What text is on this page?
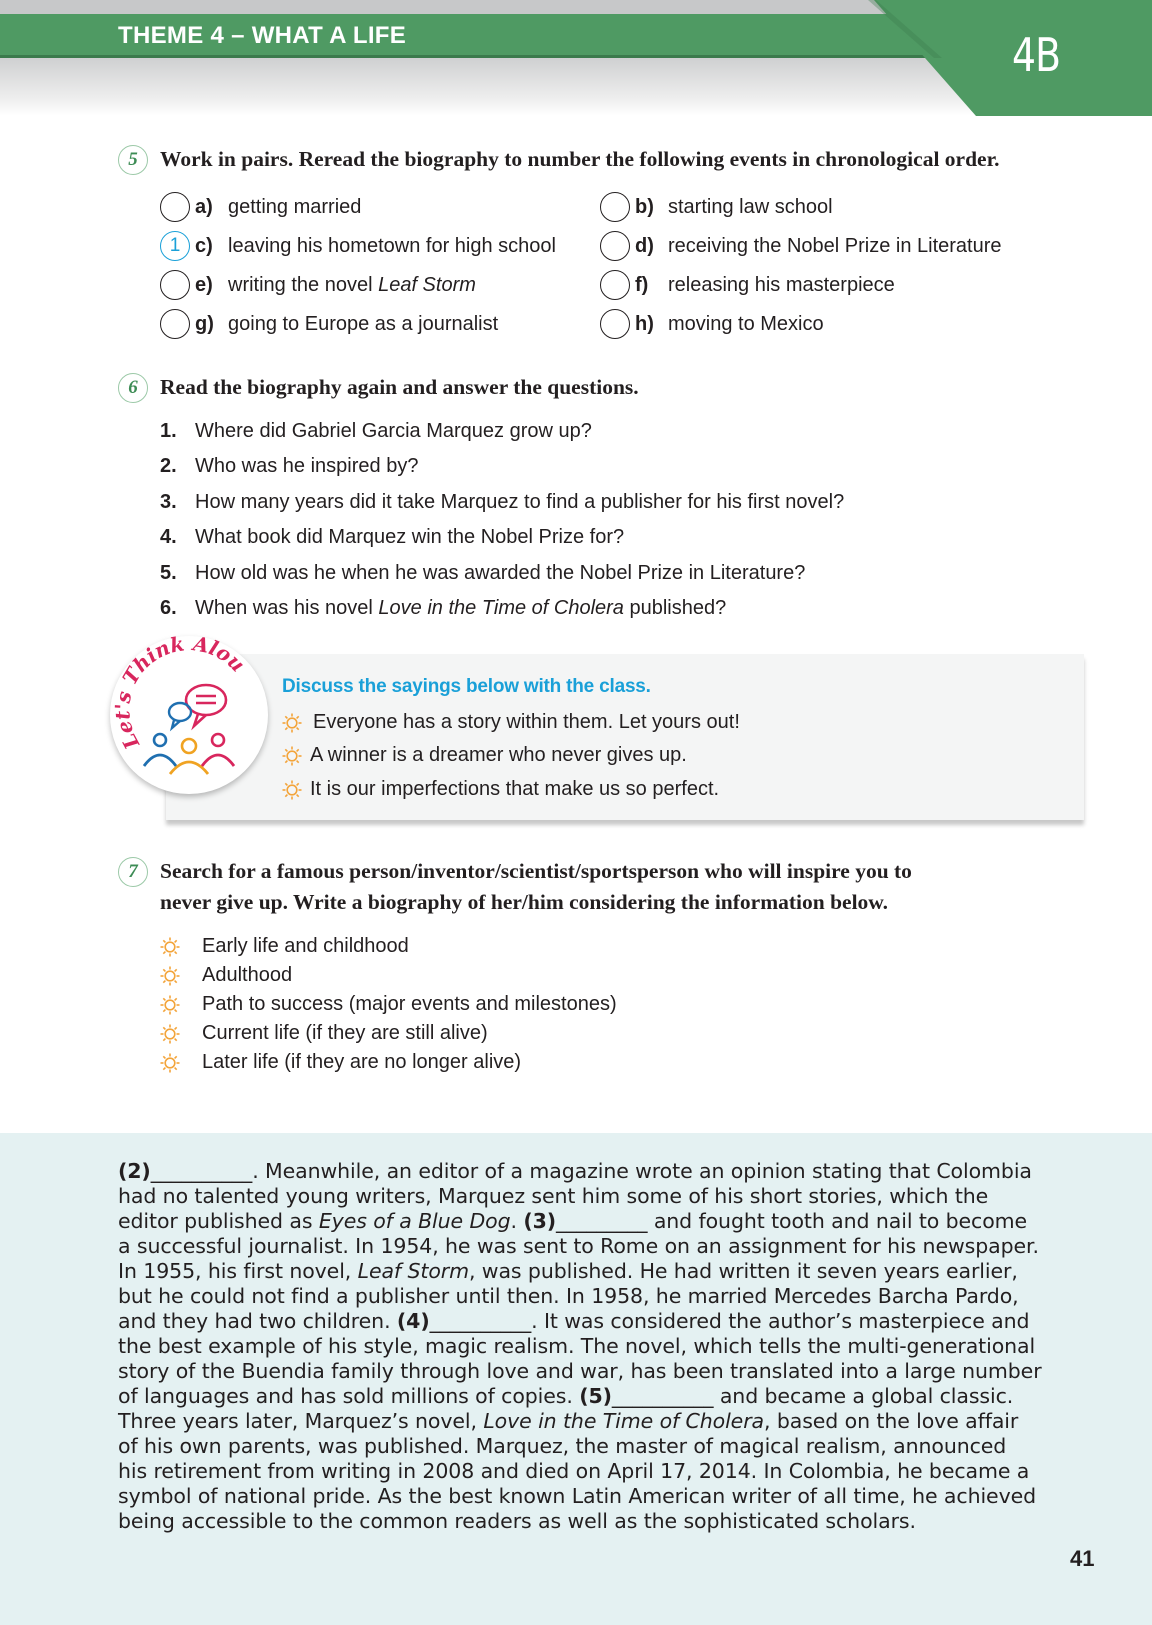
THEME 4 – WHAT A LIFE	4B
5	Work in pairs. Reread the biography to number the following events in chronological order.
a) getting married	b) starting law school
1 c) leaving his hometown for high school	d) receiving the Nobel Prize in Literature
e) writing the novel Leaf Storm	f) releasing his masterpiece
g) going to Europe as a journalist	h) moving to Mexico
6	Read the biography again and answer the questions.
1. Where did Gabriel Garcia Marquez grow up?
2. Who was he inspired by?
3. How many years did it take Marquez to find a publisher for his first novel?
4. What book did Marquez win the Nobel Prize for?
5. How old was he when he was awarded the Nobel Prize in Literature?
6. When was his novel Love in the Time of Cholera published?
Let's Think Alou
Discuss the sayings below with the class.
Everyone has a story within them. Let yours out!
A winner is a dreamer who never gives up.
It is our imperfections that make us so perfect.
7	Search for a famous person/inventor/scientist/sportsperson who will inspire you to
never give up. Write a biography of her/him considering the information below.
Early life and childhood
Adulthood
Path to success (major events and milestones)
Current life (if they are still alive)
Later life (if they are no longer alive)
(2)__________. Meanwhile, an editor of a magazine wrote an opinion stating that Colombia
had no talented young writers, Marquez sent him some of his short stories, which the
editor published as Eyes of a Blue Dog. (3)_________ and fought tooth and nail to become
a successful journalist. In 1954, he was sent to Rome on an assignment for his newspaper.
In 1955, his first novel, Leaf Storm, was published. He had written it seven years earlier,
but he could not find a publisher until then. In 1958, he married Mercedes Barcha Pardo,
and they had two children. (4)__________. It was considered the author’s masterpiece and
the best example of his style, magic realism. The novel, which tells the multi-generational
story of the Buendia family through love and war, has been translated into a large number
of languages and has sold millions of copies. (5)__________ and became a global classic.
Three years later, Marquez’s novel, Love in the Time of Cholera, based on the love affair
of his own parents, was published. Marquez, the master of magical realism, announced
his retirement from writing in 2008 and died on April 17, 2014. In Colombia, he became a
symbol of national pride. As the best known Latin American writer of all time, he achieved
being accessible to the common readers as well as the sophisticated scholars.
41
